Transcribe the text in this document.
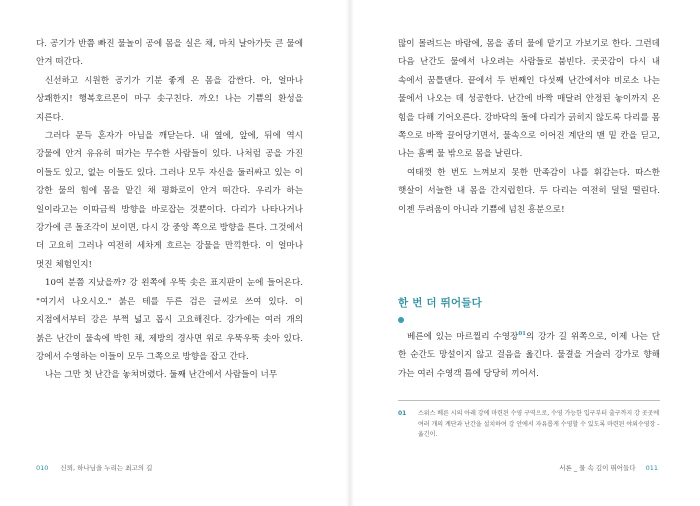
다. 공기가 반쯤 빠진 물놀이 공에 몸을 실은 채, 마치 날아가듯 큰 물에 안겨 떠간다.

신선하고 시원한 공기가 기분 좋게 온 몸을 감싼다. 아, 얼마나 상쾌한지! 행복호르몬이 마구 솟구친다. 까오! 나는 기쁨의 환성을 지른다.

그러다 문득 혼자가 아님을 깨닫는다. 내 옆에, 앞에, 뒤에 역시 강물에 안겨 유유히 떠가는 무수한 사람들이 있다. 나처럼 공을 가진 이들도 있고, 없는 이들도 있다. 그러나 모두 자신을 둘러싸고 있는 이 강한 물의 힘에 몸을 맡긴 채 평화로이 안겨 떠간다. 우리가 하는 일이라고는 이따금씩 방향을 바로잡는 것뿐이다. 다리가 나타나거나 강가에 큰 돌조각이 보이면, 다시 강 중앙 쪽으로 방향을 튼다. 그것에서 더 고요히 그러나 여전히 세차게 흐르는 강물을 만끽한다. 이 얼마나 멋진 체험인지!

10여 분쯤 지났을까? 강 왼쪽에 우뚝 솟은 표지판이 눈에 들어온다. "여기서 나오시오." 붉은 테를 두른 검은 글씨로 쓰여 있다. 이 지점에서부터 강은 부쩍 넓고 몹시 고요해진다. 강가에는 여러 개의 붉은 난간이 물속에 박힌 채, 제방의 경사면 위로 우뚝우뚝 솟아 있다. 강에서 수영하는 이들이 모두 그쪽으로 방향을 잡고 간다.

나는 그만 첫 난간을 놓쳐버렸다. 둘째 난간에서 사람들이 너무

010 신뢰, 하나님을 누리는 최고의 길

많이 몰려드는 바람에, 몸을 좀더 물에 맡기고 가보기로 한다. 그런데 다음 난간도 물에서 나오려는 사람들로 붐빈다. 곳곳감이 다시 내 속에서 꿈틀댄다. 끝에서 두 번째인 다섯째 난간에서야 비로소 나는 물에서 나오는 데 성공한다. 난간에 바짝 매달려 안정된 놓이까지 온 힘을 다해 기어오른다. 강바닥의 돌에 다리가 긁히지 않도록 다리를 몸 쪽으로 바짝 끌어당기면서, 물속으로 이어진 계단의 맨 밑 칸을 딛고, 나는 흠뻑 물 밖으로 몸을 날린다.

여태껏 한 번도 느껴보지 못한 만족감이 나를 휘감는다. 따스한 햇살이 서늘한 내 몸을 간지럽힌다. 두 다리는 여전히 덜덜 떨린다. 이젠 두려움이 아니라 기쁨에 넘친 흥분으로!

한 번 더 뛰어들다

베른에 있는 마르찔리 수영장$^{01}$의 강가 길 위쪽으로, 이제 나는 단 한 순간도 망설이지 않고 걸음을 옮긴다. 물결을 거슬러 강가로 향해 가는 여러 수영객 틈에 당당히 끼어서.

01	스위스 베른 시의 아레 강에 마련된 수영 구역으로, 수영 가능한 입구부터 출구까지 강 곳곳에 여러 개의 계단과 난간을 설치하여 강 안에서 자유롭게 수영할 수 있도록 마련된 야외수영장 - 옮긴이.
서론 _ 물 속 깊이 뛰어들다 011
